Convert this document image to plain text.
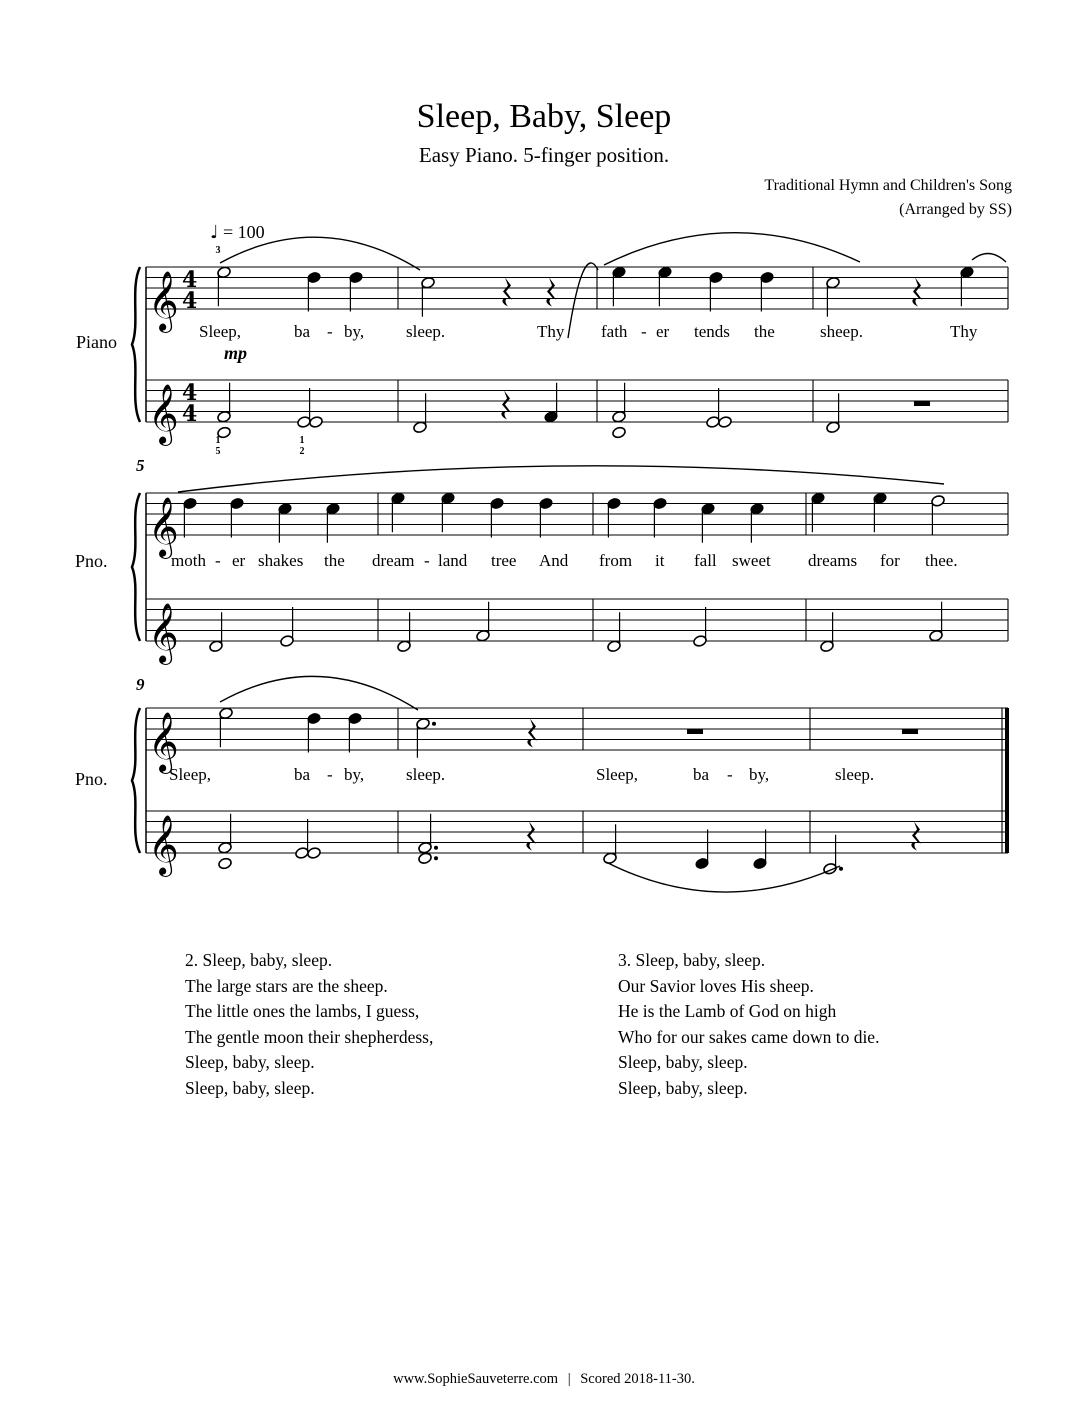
𝄞
𝄞
4
4
4
4
𝄞
𝄞
𝄞
𝄞
Sleep, Baby, Sleep
Easy Piano. 5-finger position.
Traditional Hymn and Children's Song
(Arranged by SS)
♩ = 100
mp
3
1
5
1
2
Piano
Pno.
Pno.
5
9
Sleep,	ba - by, sleep.	Thy fath - er tends the	sheep.	Thy
moth - er shakes the dream - land tree And from it fall sweet dreams for thee.
Sleep,	ba - by, sleep.	Sleep,	ba - by,	sleep.
2. Sleep, baby, sleep.
The large stars are the sheep.
The little ones the lambs, I guess,
The gentle moon their shepherdess,
Sleep, baby, sleep.
Sleep, baby, sleep.
3. Sleep, baby, sleep.
Our Savior loves His sheep.
He is the Lamb of God on high
Who for our sakes came down to die.
Sleep, baby, sleep.
Sleep, baby, sleep.
www.SophieSauveterre.com | Scored 2018-11-30.
